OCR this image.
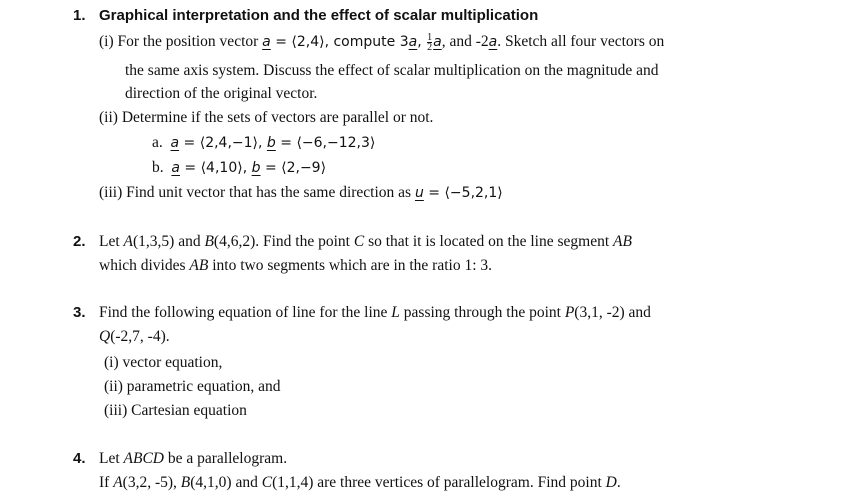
1. Graphical interpretation and the effect of scalar multiplication
(i) For the position vector a = ⟨2,4⟩, compute 3a, $\frac{1}{2} a$, and -2a. Sketch all four vectors on
the same axis system. Discuss the effect of scalar multiplication on the magnitude and
direction of the original vector.
(ii) Determine if the sets of vectors are parallel or not.
a. a = ⟨2,4,−1⟩, b = ⟨−6,−12,3⟩
b. a = ⟨4,10⟩, b = ⟨2,−9⟩
(iii) Find unit vector that has the same direction as u = ⟨−5,2,1⟩
2. Let A(1,3,5) and B(4,6,2). Find the point C so that it is located on the line segment AB
which divides AB into two segments which are in the ratio 1: 3.
3. Find the following equation of line for the line L passing through the point P(3,1, -2) and
Q(-2,7, -4).
(i) vector equation,
(ii) parametric equation, and
(iii) Cartesian equation
4. Let ABCD be a parallelogram.
If A(3,2, -5), B(4,1,0) and C(1,1,4) are three vertices of parallelogram. Find point D.
